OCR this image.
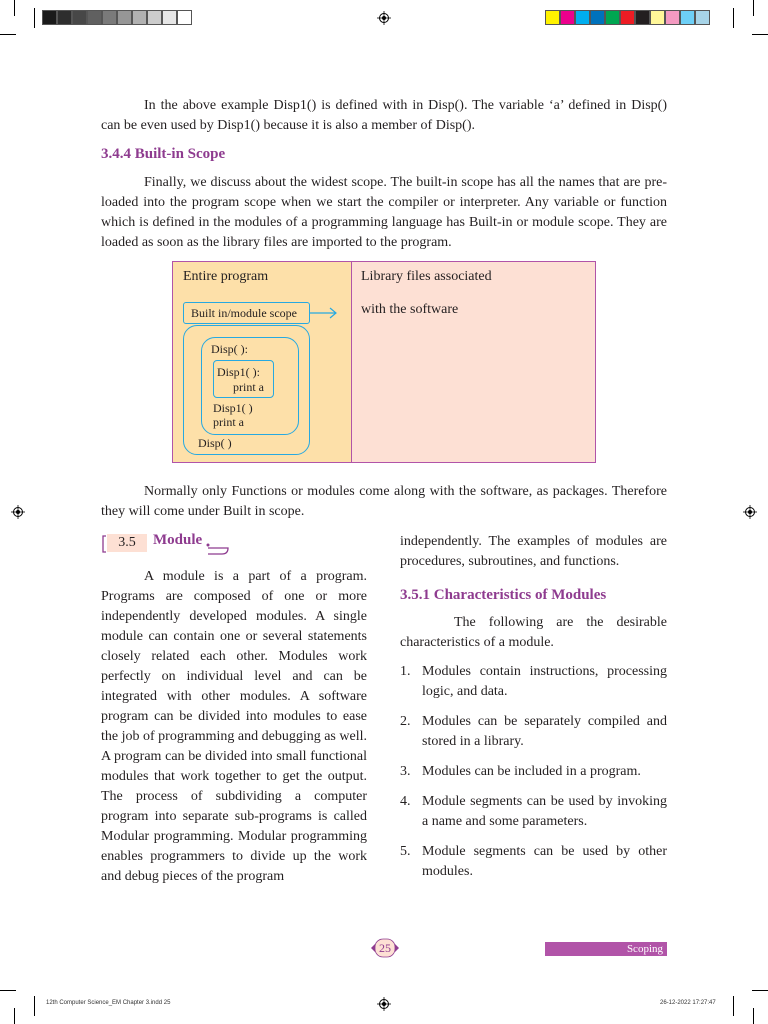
In the above example Disp1() is defined with in Disp(). The variable ‘a’ defined in Disp() can be even used by Disp1() because it is also a member of Disp().

3.4.4 Built-in Scope

Finally, we discuss about the widest scope. The built-in scope has all the names that are pre-loaded into the program scope when we start the compiler or interpreter. Any variable or function which is defined in the modules of a programming language has Built-in or module scope. They are loaded as soon as the library files are imported to the program.

Entire program	Library files associated
with the software
Built in/module scope
Disp( ):
Disp1( ):
print a
Disp1( )
print a
Disp( )

Normally only Functions or modules come along with the software, as packages. Therefore they will come under Built in scope.

3.5	Module

A module is a part of a program. Programs are composed of one or more independently developed modules. A single module can contain one or several statements closely related each other. Modules work perfectly on individual level and can be integrated with other modules. A software program can be divided into modules to ease the job of programming and debugging as well. A program can be divided into small functional modules that work together to get the output. The process of subdividing a computer program into separate sub-programs is called Modular programming. Modular programming enables programmers to divide up the work and debug pieces of the program

independently. The examples of modules are procedures, subroutines, and functions.

3.5.1 Characteristics of Modules

The following are the desirable characteristics of a module.

1. Modules contain instructions, processing logic, and data.
2. Modules can be separately compiled and stored in a library.
3. Modules can be included in a program.
4. Module segments can be used by invoking a name and some parameters.
5. Module segments can be used by other modules.
25	Scoping
12th Computer Science_EM Chapter 3.indd 25	26-12-2022 17:27:47
